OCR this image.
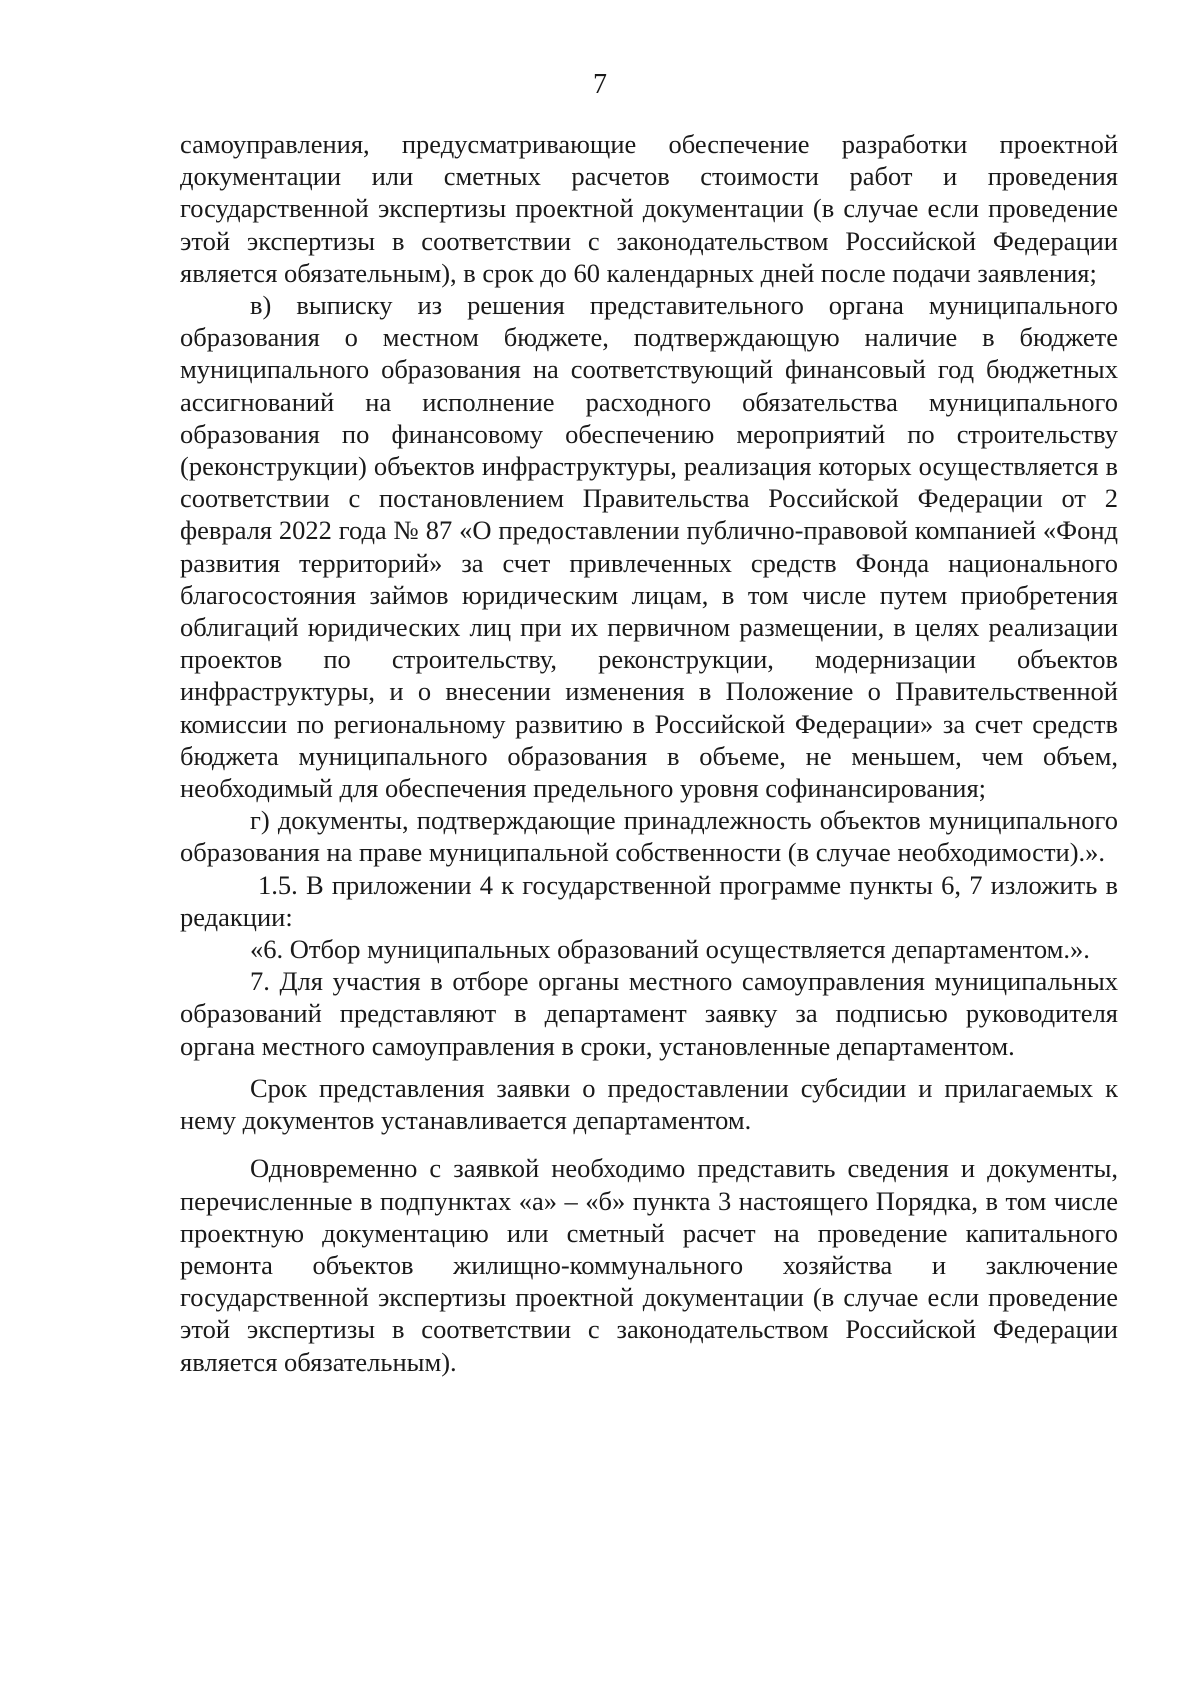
7

самоуправления, предусматривающие обеспечение разработки проектной документации или сметных расчетов стоимости работ и проведения государственной экспертизы проектной документации (в случае если проведение этой экспертизы в соответствии с законодательством Российской Федерации является обязательным), в срок до 60 календарных дней после подачи заявления;

в) выписку из решения представительного органа муниципального образования о местном бюджете, подтверждающую наличие в бюджете муниципального образования на соответствующий финансовый год бюджетных ассигнований на исполнение расходного обязательства муниципального образования по финансовому обеспечению мероприятий по строительству (реконструкции) объектов инфраструктуры, реализация которых осуществляется в соответствии с постановлением Правительства Российской Федерации от 2 февраля 2022 года № 87 «О предоставлении публично-правовой компанией «Фонд развития территорий» за счет привлеченных средств Фонда национального благосостояния займов юридическим лицам, в том числе путем приобретения облигаций юридических лиц при их первичном размещении, в целях реализации проектов по строительству, реконструкции, модернизации объектов инфраструктуры, и о внесении изменения в Положение о Правительственной комиссии по региональному развитию в Российской Федерации» за счет средств бюджета муниципального образования в объеме, не меньшем, чем объем, необходимый для обеспечения предельного уровня софинансирования;

г) документы, подтверждающие принадлежность объектов муниципального образования на праве муниципальной собственности (в случае необходимости).».

1.5. В приложении 4 к государственной программе пункты 6, 7 изложить в редакции:

«6. Отбор муниципальных образований осуществляется департаментом.».

7. Для участия в отборе органы местного самоуправления муниципальных образований представляют в департамент заявку за подписью руководителя органа местного самоуправления в сроки, установленные департаментом.

Срок представления заявки о предоставлении субсидии и прилагаемых к нему документов устанавливается департаментом.

Одновременно с заявкой необходимо представить сведения и документы, перечисленные в подпунктах «а» – «б» пункта 3 настоящего Порядка, в том числе проектную документацию или сметный расчет на проведение капитального ремонта объектов жилищно-коммунального хозяйства и заключение государственной экспертизы проектной документации (в случае если проведение этой экспертизы в соответствии с законодательством Российской Федерации является обязательным).
